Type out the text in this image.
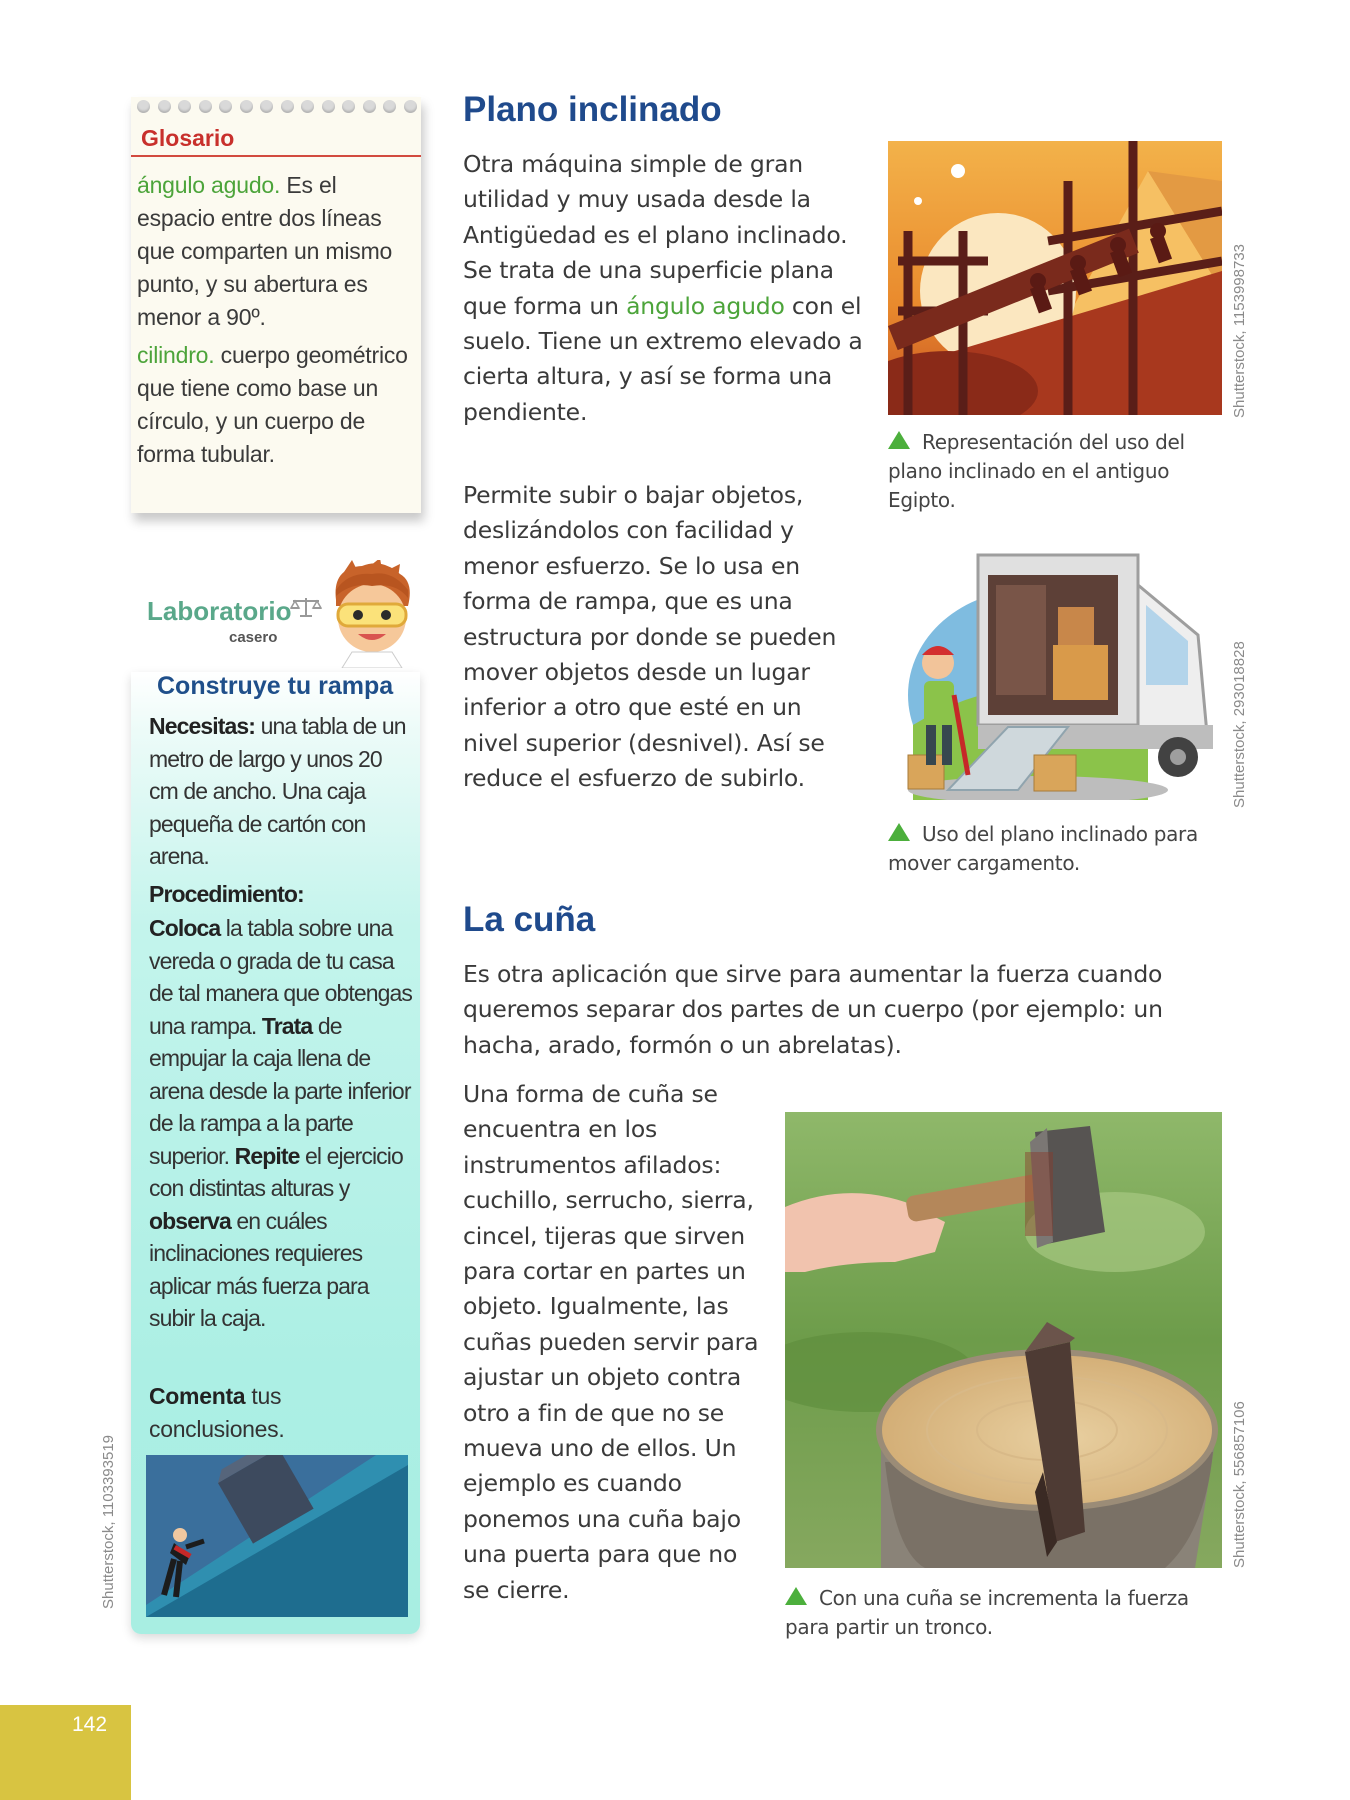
Glosario
ángulo agudo. Es el espacio entre dos líneas que comparten un mismo punto, y su abertura es menor a 90º.
cilindro. cuerpo geométrico que tiene como base un círculo, y un cuerpo de forma tubular.
Laboratorio
casero
Construye tu rampa
Necesitas: una tabla de un metro de largo y unos 20 cm de ancho. Una caja pequeña de cartón con arena.
Procedimiento:
Coloca la tabla sobre una vereda o grada de tu casa de tal manera que obtengas una rampa. Trata de empujar la caja llena de arena desde la parte inferior de la rampa a la parte superior. Repite el ejercicio con distintas alturas y observa en cuáles inclinaciones requieres aplicar más fuerza para subir la caja.
Comenta tus conclusiones.
Shutterstock, 1103393519
Plano inclinado

Otra máquina simple de gran utilidad y muy usada desde la Antigüedad es el plano inclinado. Se trata de una superficie plana que forma un ángulo agudo con el suelo. Tiene un extremo elevado a cierta altura, y así se forma una pendiente.

Permite subir o bajar objetos, deslizándolos con facilidad y menor esfuerzo. Se lo usa en forma de rampa, que es una estructura por donde se pueden mover objetos desde un lugar inferior a otro que esté en un nivel superior (desnivel). Así se reduce el esfuerzo de subirlo.

Shutterstock, 1153998733
Representación del uso del plano inclinado en el antiguo Egipto.
Shutterstock, 293018828
Uso del plano inclinado para mover cargamento.
La cuña

Es otra aplicación que sirve para aumentar la fuerza cuando queremos separar dos partes de un cuerpo (por ejemplo: un hacha, arado, formón o un abrelatas).

Una forma de cuña se encuentra en los instrumentos afilados: cuchillo, serrucho, sierra, cincel, tijeras que sirven para cortar en partes un objeto. Igualmente, las cuñas pueden servir para ajustar un objeto contra otro a fin de que no se mueva uno de ellos. Un ejemplo es cuando ponemos una cuña bajo una puerta para que no se cierre.

Shutterstock, 556857106
Con una cuña se incrementa la fuerza para partir un tronco.
142
